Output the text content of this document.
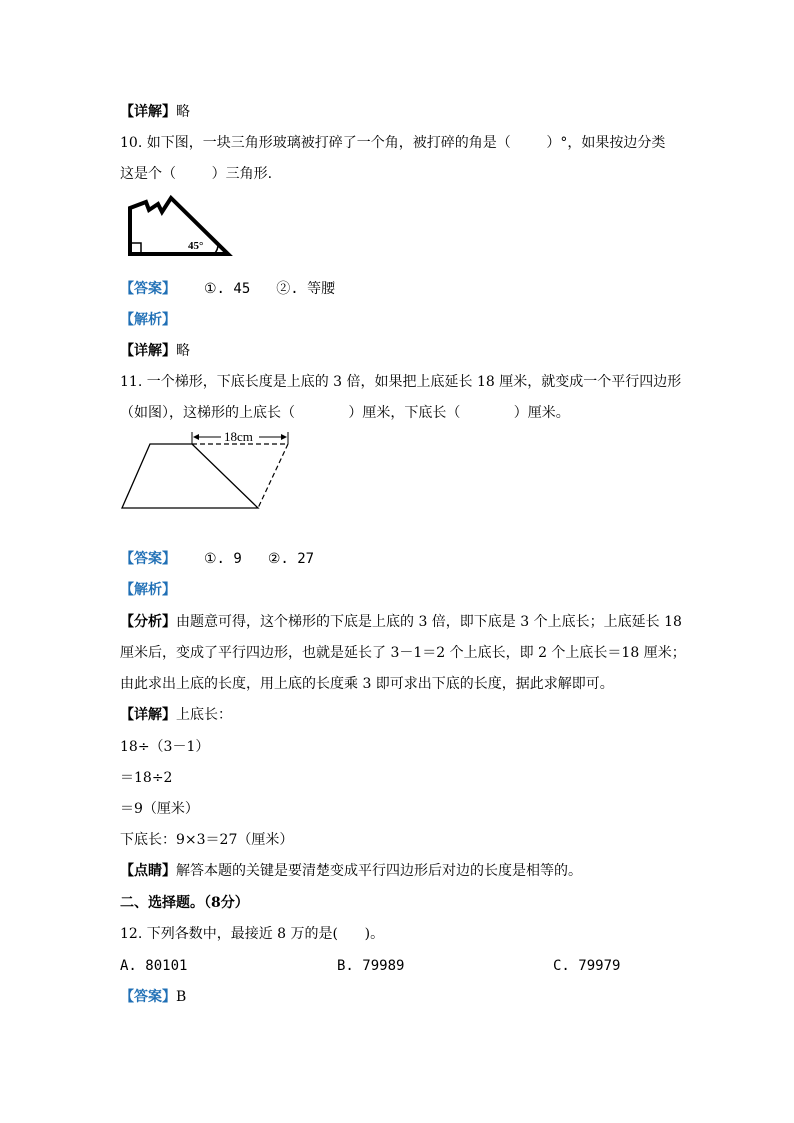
【详解】略
10. 如下图，一块三角形玻璃被打碎了一个角，被打碎的角是（        ）°，如果按边分类
这是个（        ）三角形.
45°
【答案】 ①. 45 ②. 等腰
【解析】
【详解】略
11. 一个梯形，下底长度是上底的 3 倍，如果把上底延长 18 厘米，就变成一个平行四边形
（如图），这梯形的上底长（            ）厘米，下底长（            ）厘米。
18cm
【答案】 ①. 9 ②. 27
【解析】
【分析】由题意可得，这个梯形的下底是上底的 3 倍，即下底是 3 个上底长；上底延长 18
厘米后，变成了平行四边形，也就是延长了 3－1＝2 个上底长，即 2 个上底长＝18 厘米；
由此求出上底的长度，用上底的长度乘 3 即可求出下底的长度，据此求解即可。
【详解】上底长：
18÷（3－1）
＝18÷2
＝9（厘米）
下底长：9×3＝27（厘米）
【点睛】解答本题的关键是要清楚变成平行四边形后对边的长度是相等的。
二、选择题。（8分）
12. 下列各数中，最接近 8 万的是(      )。
A. 80101	B. 79989	C. 79979
【答案】B
